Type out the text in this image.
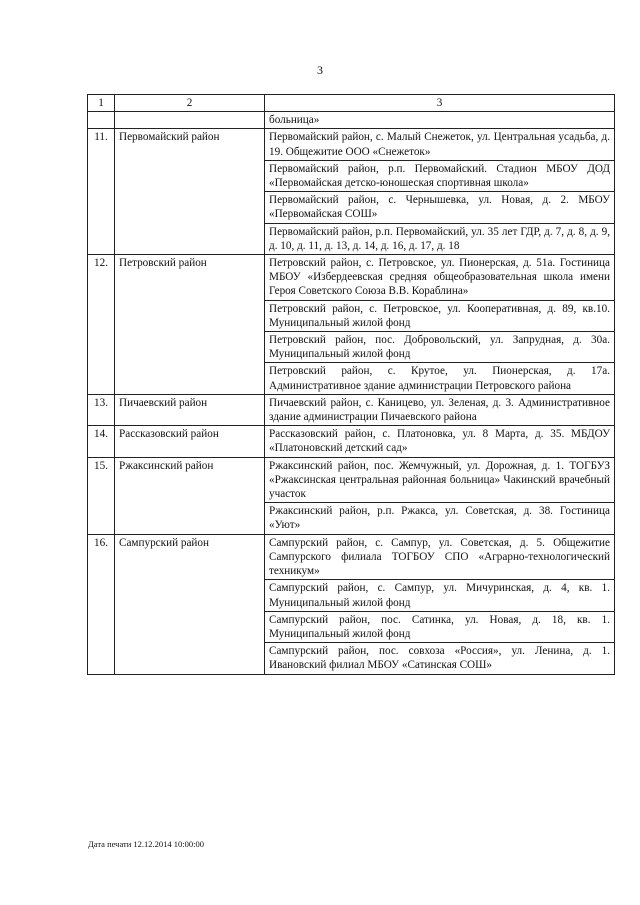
3
1	2	3
		больница»
11.	Первомайский район	Первомайский район, с. Малый Снежеток, ул. Центральная усадьба, д. 19. Общежитие ООО «Снежеток»
		Первомайский район, р.п. Первомайский. Стадион МБОУ ДОД «Первомайская детско-юношеская спортивная школа»
		Первомайский район, с. Чернышевка, ул. Новая, д. 2. МБОУ «Первомайская СОШ»
		Первомайский район, р.п. Первомайский, ул. 35 лет ГДР, д. 7, д. 8, д. 9, д. 10, д. 11, д. 13, д. 14, д. 16, д. 17, д. 18
12.	Петровский район	Петровский район, с. Петровское, ул. Пионерская, д. 51а. Гостиница МБОУ «Избердеевская средняя общеобразовательная школа имени Героя Советского Союза В.В. Кораблина»
		Петровский район, с. Петровское, ул. Кооперативная, д. 89, кв.10. Муниципальный жилой фонд
		Петровский район, пос. Добровольский, ул. Запрудная, д. 30а. Муниципальный жилой фонд
		Петровский район, с. Крутое, ул. Пионерская, д. 17а. Административное здание администрации Петровского района
13.	Пичаевский район	Пичаевский район, с. Каницево, ул. Зеленая, д. 3. Административное здание администрации Пичаевского района
14.	Рассказовский район	Рассказовский район, с. Платоновка, ул. 8 Марта, д. 35. МБДОУ «Платоновский детский сад»
15.	Ржаксинский район	Ржаксинский район, пос. Жемчужный, ул. Дорожная, д. 1. ТОГБУЗ «Ржаксинская центральная районная больница» Чакинский врачебный участок
		Ржаксинский район, р.п. Ржакса, ул. Советская, д. 38. Гостиница «Уют»
16.	Сампурский район	Сампурский район, с. Сампур, ул. Советская, д. 5. Общежитие Сампурского филиала ТОГБОУ СПО «Аграрно-технологический техникум»
		Сампурский район, с. Сампур, ул. Мичуринская, д. 4, кв. 1. Муниципальный жилой фонд
		Сампурский район, пос. Сатинка, ул. Новая, д. 18, кв. 1. Муниципальный жилой фонд
		Сампурский район, пос. совхоза «Россия», ул. Ленина, д. 1. Ивановский филиал МБОУ «Сатинская СОШ»
Дата печати 12.12.2014 10:00:00
